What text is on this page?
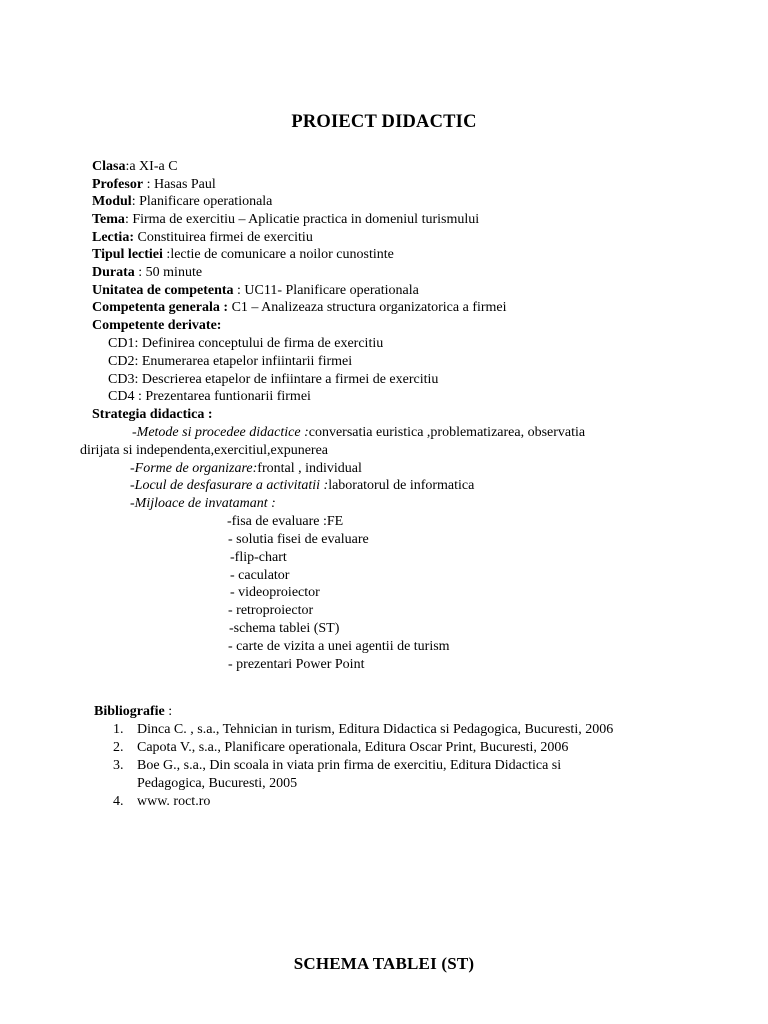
PROIECT DIDACTIC
Clasa:a XI-a C
Profesor : Hasas Paul
Modul: Planificare operationala
Tema: Firma de exercitiu – Aplicatie practica in domeniul turismului
Lectia: Constituirea firmei de exercitiu
Tipul lectiei :lectie de comunicare a noilor cunostinte
Durata : 50 minute
Unitatea de competenta : UC11- Planificare operationala
Competenta generala : C1 – Analizeaza structura organizatorica a firmei
Competente derivate:
CD1: Definirea conceptului de firma de exercitiu
CD2: Enumerarea etapelor infiintarii firmei
CD3: Descrierea etapelor de infiintare a firmei de exercitiu
CD4 : Prezentarea funtionarii firmei
Strategia didactica :
-Metode si procedee didactice :conversatia euristica ,problematizarea, observatia
dirijata si independenta,exercitiul,expunerea
-Forme de organizare:frontal , individual
-Locul de desfasurare a activitatii :laboratorul de informatica
-Mijloace de invatamant :
-fisa de evaluare :FE
- solutia fisei de evaluare
-flip-chart
- caculator
- videoproiector
- retroproiector
-schema tablei (ST)
- carte de vizita a unei agentii de turism
- prezentari Power Point
Bibliografie :
1. Dinca C. , s.a., Tehnician in turism, Editura Didactica si Pedagogica, Bucuresti, 2006
2. Capota V., s.a., Planificare operationala, Editura Oscar Print, Bucuresti, 2006
3. Boe G., s.a., Din scoala in viata prin firma de exercitiu, Editura Didactica si
Pedagogica, Bucuresti, 2005
4. www. roct.ro
SCHEMA TABLEI (ST)
